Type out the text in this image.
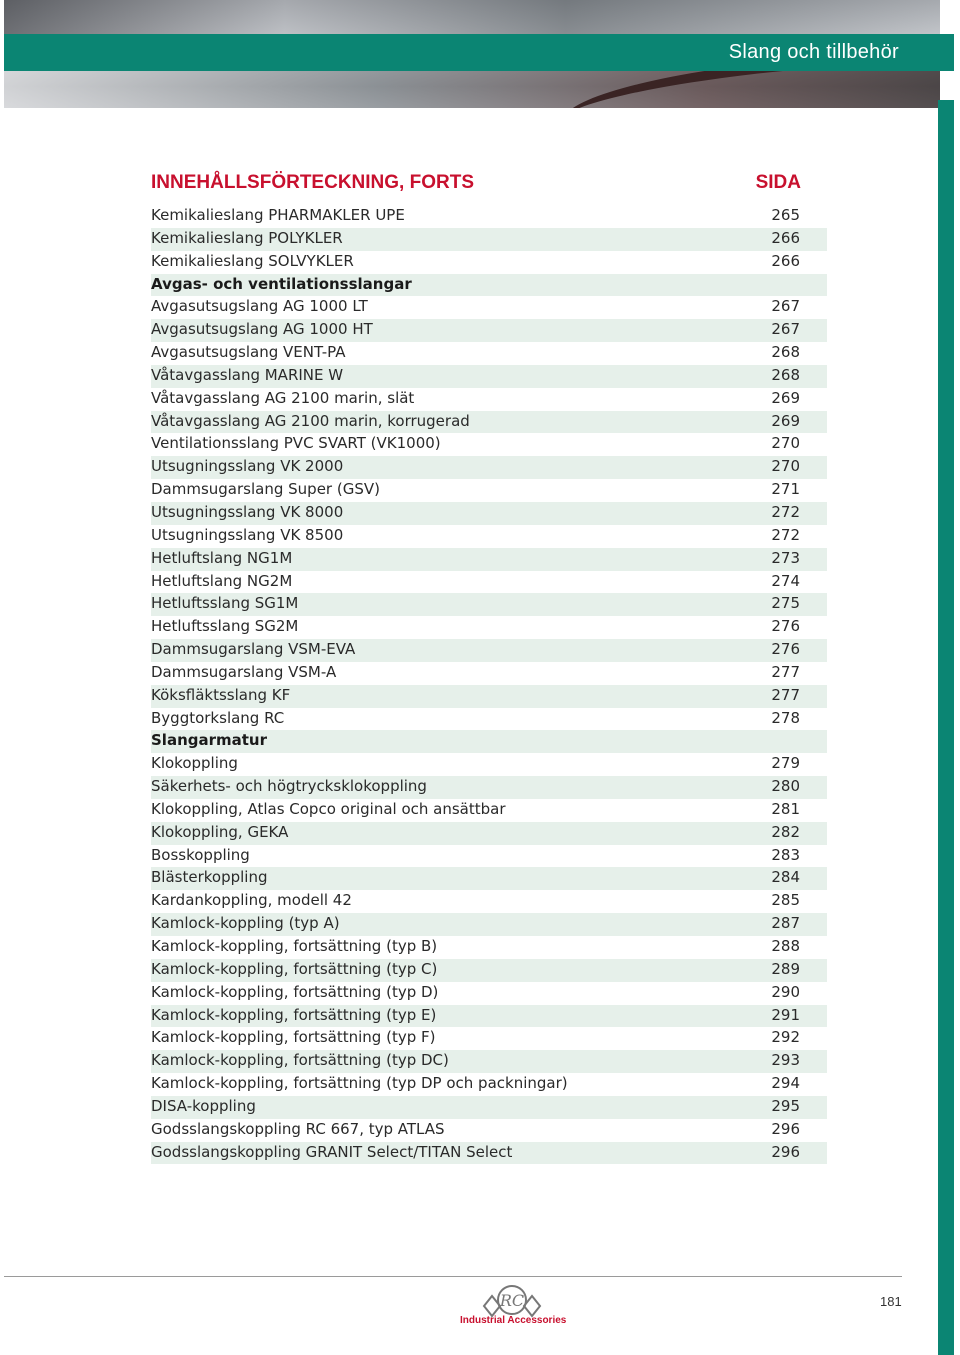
Slang och tillbehör
INNEHÅLLSFÖRTECKNING, FORTS	SIDA
Kemikalieslang PHARMAKLER UPE	265
Kemikalieslang POLYKLER	266
Kemikalieslang SOLVYKLER	266
Avgas- och ventilationsslangar
Avgasutsugslang AG 1000 LT	267
Avgasutsugslang AG 1000 HT	267
Avgasutsugslang VENT-PA	268
Våtavgasslang MARINE W	268
Våtavgasslang AG 2100 marin, slät	269
Våtavgasslang AG 2100 marin, korrugerad	269
Ventilationsslang PVC SVART (VK1000)	270
Utsugningsslang VK 2000	270
Dammsugarslang Super (GSV)	271
Utsugningsslang VK 8000	272
Utsugningsslang VK 8500	272
Hetluftslang NG1M	273
Hetluftslang NG2M	274
Hetluftsslang SG1M	275
Hetluftsslang SG2M	276
Dammsugarslang VSM-EVA	276
Dammsugarslang VSM-A	277
Köksfläktsslang KF	277
Byggtorkslang RC	278
Slangarmatur
Klokoppling	279
Säkerhets- och högtrycksklokoppling	280
Klokoppling, Atlas Copco original och ansättbar	281
Klokoppling, GEKA	282
Bosskoppling	283
Blästerkoppling	284
Kardankoppling, modell 42	285
Kamlock-koppling (typ A)	287
Kamlock-koppling, fortsättning (typ B)	288
Kamlock-koppling, fortsättning (typ C)	289
Kamlock-koppling, fortsättning (typ D)	290
Kamlock-koppling, fortsättning (typ E)	291
Kamlock-koppling, fortsättning (typ F)	292
Kamlock-koppling, fortsättning (typ DC)	293
Kamlock-koppling, fortsättning (typ DP och packningar)	294
DISA-koppling	295
Godsslangskoppling RC 667, typ ATLAS	296
Godsslangskoppling GRANIT Select/TITAN Select	296
RC
Industrial Accessories
181
